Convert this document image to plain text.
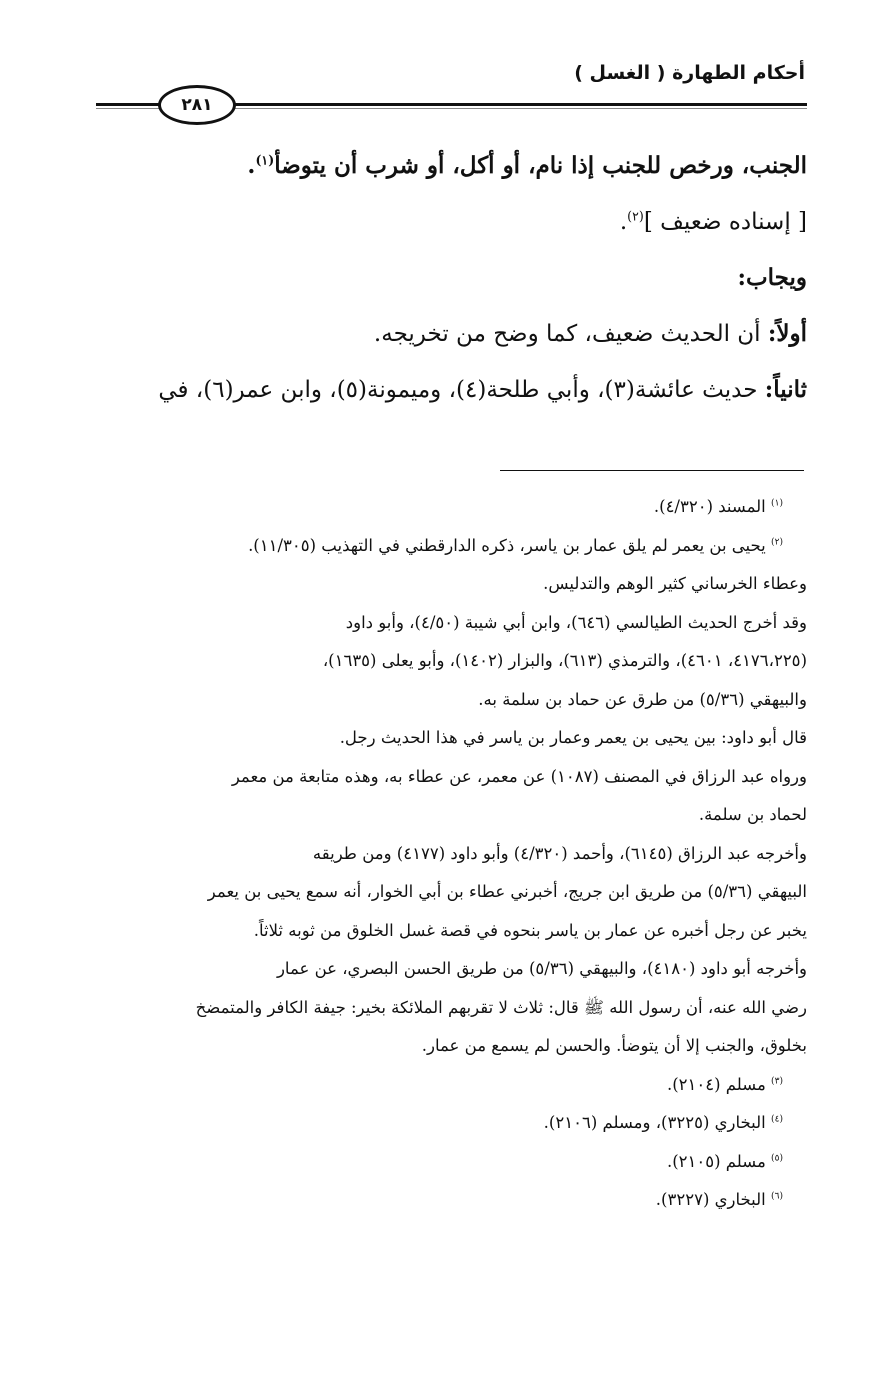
أحكام الطهارة ( الغسل )
٢٨١
الجنب، ورخص للجنب إذا نام، أو أكل، أو شرب أن يتوضأ$^{(١)}$.
[ إسناده ضعيف ]$^{(٢)}$.
ويجاب:
أولاً: أن الحديث ضعيف، كما وضح من تخريجه.
ثانياً: حديث عائشة(٣)، وأبي طلحة(٤)، وميمونة(٥)، وابن عمر(٦)، في
$^{(١)}$ المسند (٤/٣٢٠).
$^{(٢)}$ يحيى بن يعمر لم يلق عمار بن ياسر، ذكره الدارقطني في التهذيب (١١/٣٠٥).
وعطاء الخرساني كثير الوهم والتدليس.
وقد أخرج الحديث الطيالسي (٦٤٦)، وابن أبي شيبة (٤/٥٠)، وأبو داود
(٤١٧٦،٢٢٥، ٤٦٠١)، والترمذي (٦١٣)، والبزار (١٤٠٢)، وأبو يعلى (١٦٣٥)،
والبيهقي (٥/٣٦) من طرق عن حماد بن سلمة به.
قال أبو داود: بين يحيى بن يعمر وعمار بن ياسر في هذا الحديث رجل.
ورواه عبد الرزاق في المصنف (١٠٨٧) عن معمر، عن عطاء به، وهذه متابعة من معمر
لحماد بن سلمة.
وأخرجه عبد الرزاق (٦١٤٥)، وأحمد (٤/٣٢٠) وأبو داود (٤١٧٧) ومن طريقه
البيهقي (٥/٣٦) من طريق ابن جريج، أخبرني عطاء بن أبي الخوار، أنه سمع يحيى بن يعمر
يخبر عن رجل أخبره عن عمار بن ياسر بنحوه في قصة غسل الخلوق من ثوبه ثلاثاً.
وأخرجه أبو داود (٤١٨٠)، والبيهقي (٥/٣٦) من طريق الحسن البصري، عن عمار
رضي الله عنه، أن رسول الله ﷺ قال: ثلاث لا تقربهم الملائكة بخير: جيفة الكافر والمتمضخ
بخلوق، والجنب إلا أن يتوضأ. والحسن لم يسمع من عمار.
$^{(٣)}$ مسلم (٢١٠٤).
$^{(٤)}$ البخاري (٣٢٢٥)، ومسلم (٢١٠٦).
$^{(٥)}$ مسلم (٢١٠٥).
$^{(٦)}$ البخاري (٣٢٢٧).
